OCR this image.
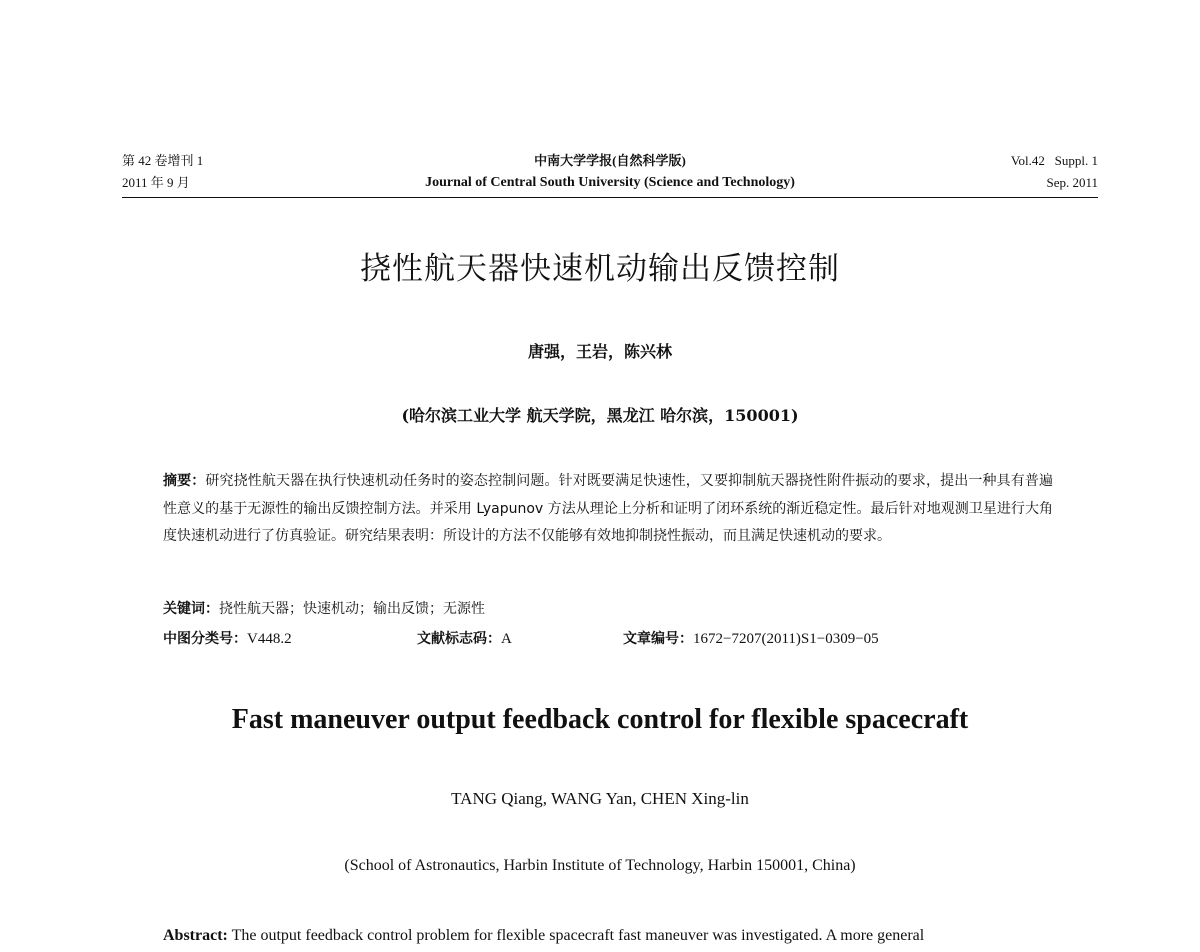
第 42 卷增刊 1
2011 年 9 月
中南大学学报(自然科学版)
Journal of Central South University (Science and Technology)
Vol.42   Suppl. 1
Sep. 2011
挠性航天器快速机动输出反馈控制
唐强，王岩，陈兴林
(哈尔滨工业大学 航天学院，黑龙江 哈尔滨，150001)
摘要：研究挠性航天器在执行快速机动任务时的姿态控制问题。针对既要满足快速性，又要抑制航天器挠性附件振动的要求，提出一种具有普遍性意义的基于无源性的输出反馈控制方法。并采用 Lyapunov 方法从理论上分析和证明了闭环系统的渐近稳定性。最后针对地观测卫星进行大角度快速机动进行了仿真验证。研究结果表明：所设计的方法不仅能够有效地抑制挠性振动，而且满足快速机动的要求。
关键词：挠性航天器；快速机动；输出反馈；无源性
中图分类号：V448.2	文献标志码：A	文章编号：1672−7207(2011)S1−0309−05
Fast maneuver output feedback control for flexible spacecraft
TANG Qiang, WANG Yan, CHEN Xing-lin
(School of Astronautics, Harbin Institute of Technology, Harbin 150001, China)
Abstract: The output feedback control problem for flexible spacecraft fast maneuver was investigated. A more general
